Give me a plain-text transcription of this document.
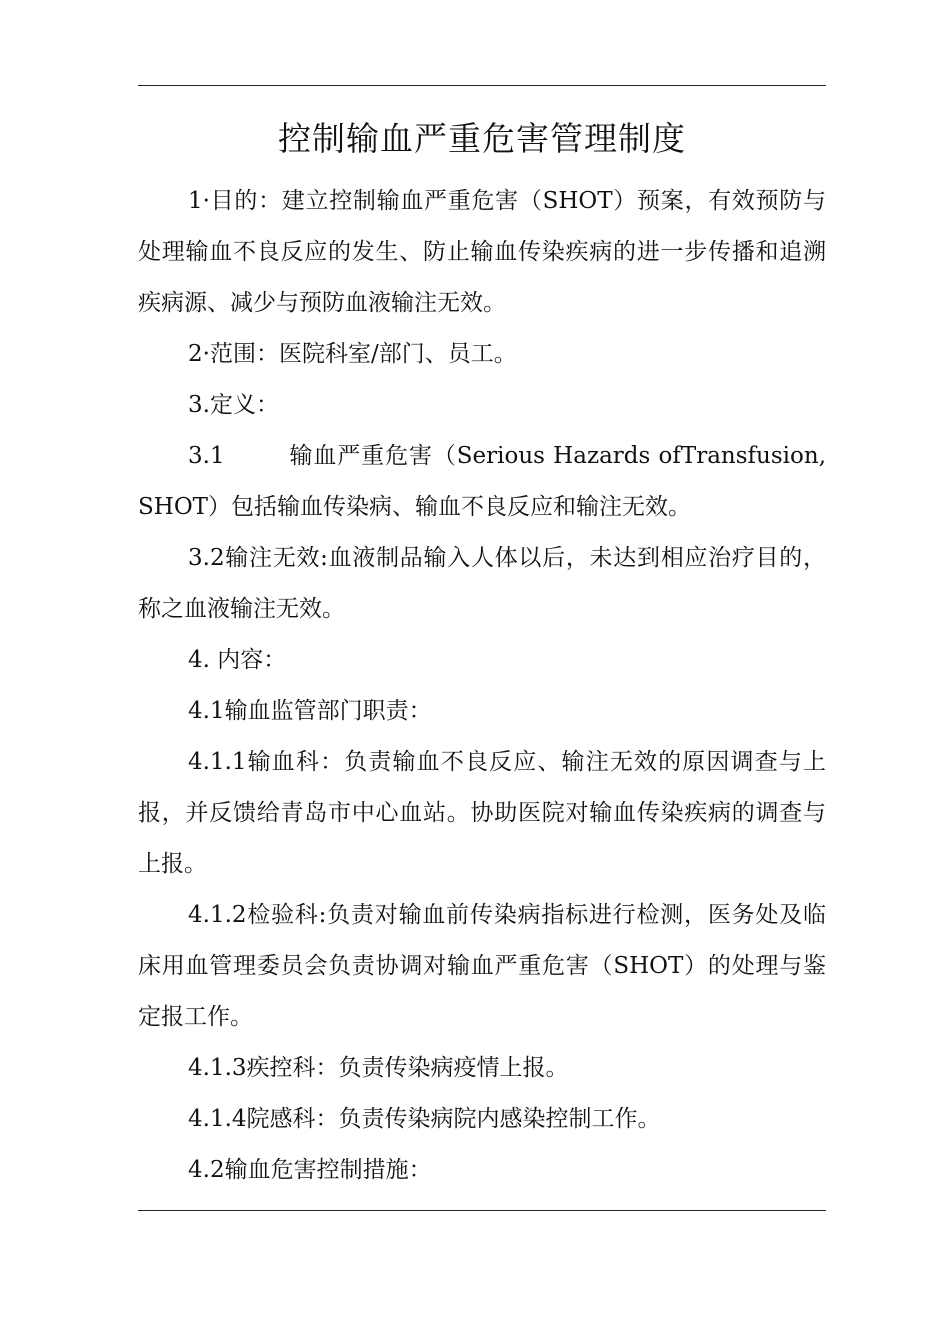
控制输血严重危害管理制度

1·目的：建立控制输血严重危害（SHOT）预案，有效预防与处理输血不良反应的发生、防止输血传染疾病的进一步传播和追溯疾病源、减少与预防血液输注无效。

2·范围：医院科室/部门、员工。

3.定义：

3.1	输血严重危害（Serious Hazards ofTransfusion, SHOT）包括输血传染病、输血不良反应和输注无效。

3.2输注无效:血液制品输入人体以后，未达到相应治疗目的，称之血液输注无效。

4. 内容：

4.1输血监管部门职责：

4.1.1输血科：负责输血不良反应、输注无效的原因调查与上报，并反馈给青岛市中心血站。协助医院对输血传染疾病的调查与上报。

4.1.2检验科:负责对输血前传染病指标进行检测，医务处及临床用血管理委员会负责协调对输血严重危害（SHOT）的处理与鉴定报工作。

4.1.3疾控科：负责传染病疫情上报。

4.1.4院感科：负责传染病院内感染控制工作。

4.2输血危害控制措施：
